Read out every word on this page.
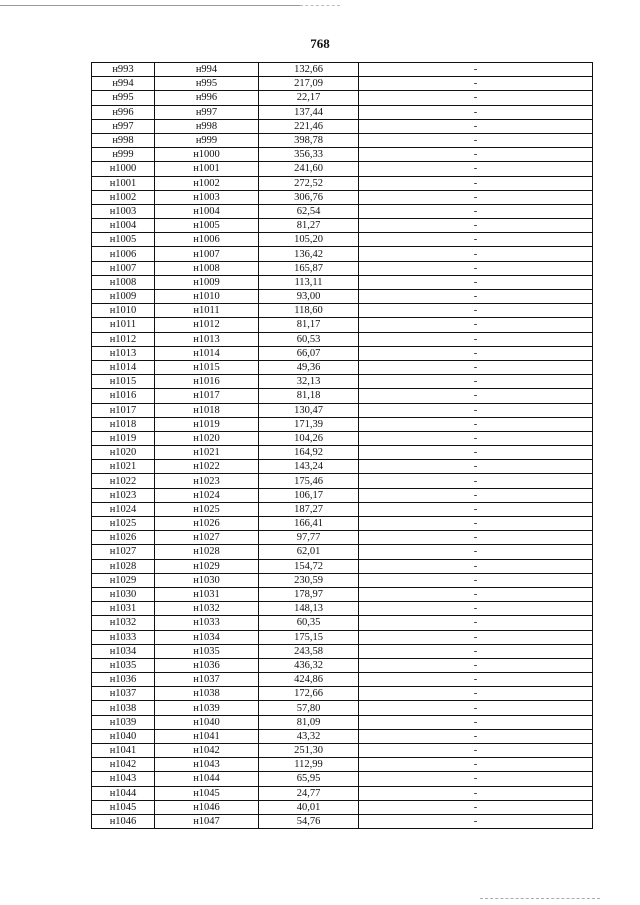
768
н993	н994	132,66	-
н994	н995	217,09	-
н995	н996	22,17	-
н996	н997	137,44	-
н997	н998	221,46	-
н998	н999	398,78	-
н999	н1000	356,33	-
н1000	н1001	241,60	-
н1001	н1002	272,52	-
н1002	н1003	306,76	-
н1003	н1004	62,54	-
н1004	н1005	81,27	-
н1005	н1006	105,20	-
н1006	н1007	136,42	-
н1007	н1008	165,87	-
н1008	н1009	113,11	-
н1009	н1010	93,00	-
н1010	н1011	118,60	-
н1011	н1012	81,17	-
н1012	н1013	60,53	-
н1013	н1014	66,07	-
н1014	н1015	49,36	-
н1015	н1016	32,13	-
н1016	н1017	81,18	-
н1017	н1018	130,47	-
н1018	н1019	171,39	-
н1019	н1020	104,26	-
н1020	н1021	164,92	-
н1021	н1022	143,24	-
н1022	н1023	175,46	-
н1023	н1024	106,17	-
н1024	н1025	187,27	-
н1025	н1026	166,41	-
н1026	н1027	97,77	-
н1027	н1028	62,01	-
н1028	н1029	154,72	-
н1029	н1030	230,59	-
н1030	н1031	178,97	-
н1031	н1032	148,13	-
н1032	н1033	60,35	-
н1033	н1034	175,15	-
н1034	н1035	243,58	-
н1035	н1036	436,32	-
н1036	н1037	424,86	-
н1037	н1038	172,66	-
н1038	н1039	57,80	-
н1039	н1040	81,09	-
н1040	н1041	43,32	-
н1041	н1042	251,30	-
н1042	н1043	112,99	-
н1043	н1044	65,95	-
н1044	н1045	24,77	-
н1045	н1046	40,01	-
н1046	н1047	54,76	-
